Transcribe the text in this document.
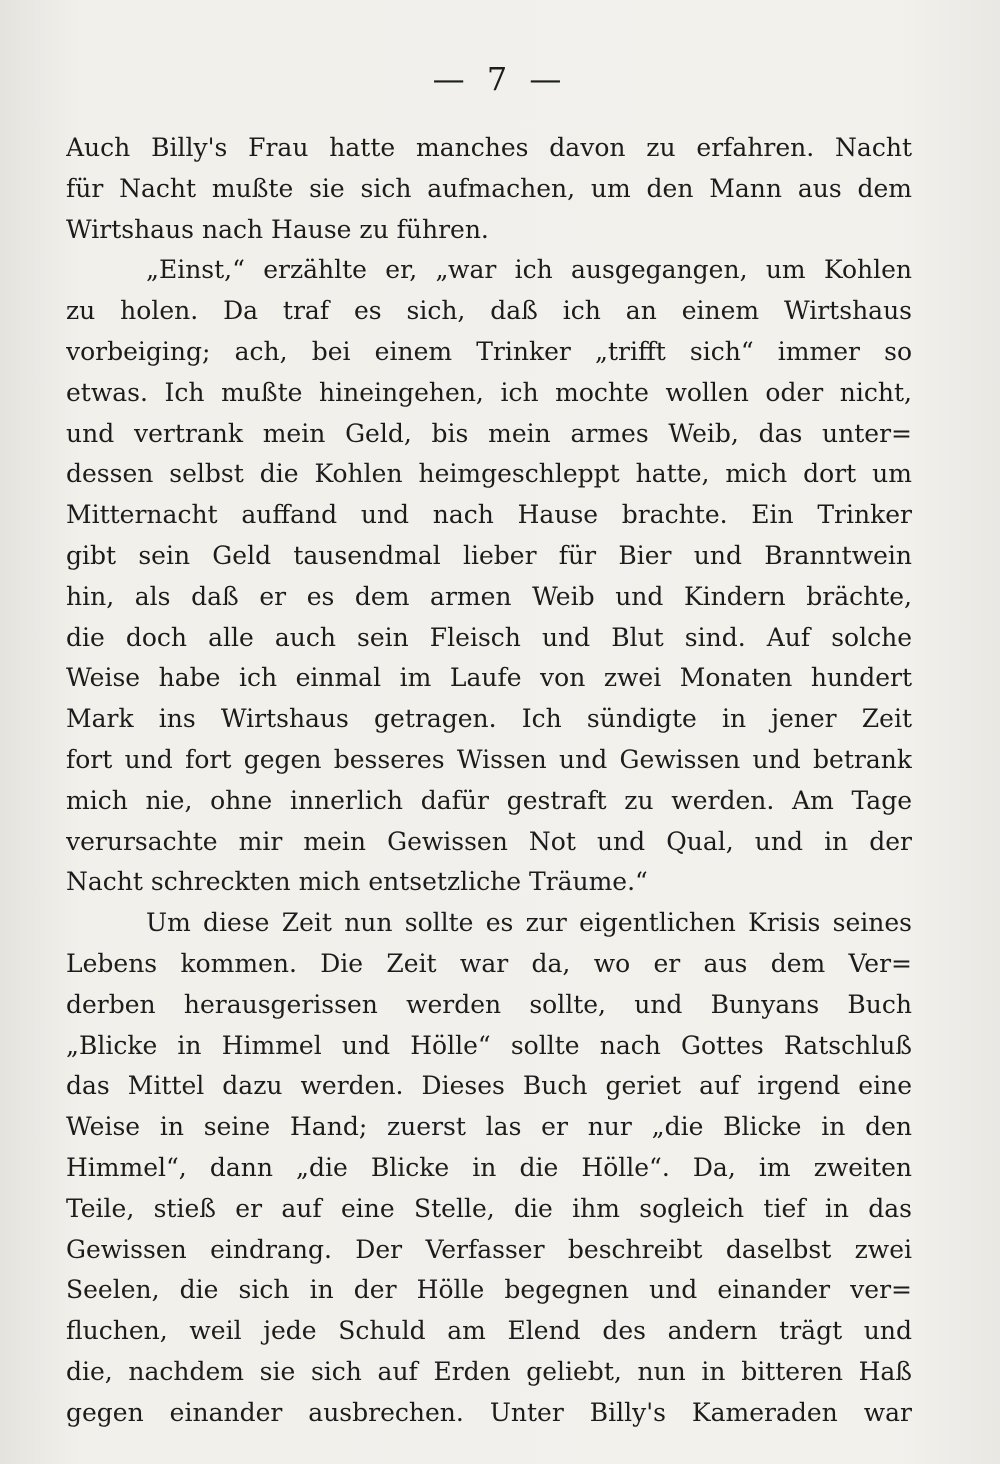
— 7 —
Auch Billy's Frau hatte manches davon zu erfahren. Nacht
für Nacht mußte sie sich aufmachen, um den Mann aus dem
Wirtshaus nach Hause zu führen.
„Einst,“ erzählte er, „war ich ausgegangen, um Kohlen
zu holen. Da traf es sich, daß ich an einem Wirtshaus
vorbeiging; ach, bei einem Trinker „trifft sich“ immer so
etwas. Ich mußte hineingehen, ich mochte wollen oder nicht,
und vertrank mein Geld, bis mein armes Weib, das unter=
dessen selbst die Kohlen heimgeschleppt hatte, mich dort um
Mitternacht auffand und nach Hause brachte. Ein Trinker
gibt sein Geld tausendmal lieber für Bier und Branntwein
hin, als daß er es dem armen Weib und Kindern brächte,
die doch alle auch sein Fleisch und Blut sind. Auf solche
Weise habe ich einmal im Laufe von zwei Monaten hundert
Mark ins Wirtshaus getragen. Ich sündigte in jener Zeit
fort und fort gegen besseres Wissen und Gewissen und betrank
mich nie, ohne innerlich dafür gestraft zu werden. Am Tage
verursachte mir mein Gewissen Not und Qual, und in der
Nacht schreckten mich entsetzliche Träume.“
Um diese Zeit nun sollte es zur eigentlichen Krisis seines
Lebens kommen. Die Zeit war da, wo er aus dem Ver=
derben herausgerissen werden sollte, und Bunyans Buch
„Blicke in Himmel und Hölle“ sollte nach Gottes Ratschluß
das Mittel dazu werden. Dieses Buch geriet auf irgend eine
Weise in seine Hand; zuerst las er nur „die Blicke in den
Himmel“, dann „die Blicke in die Hölle“. Da, im zweiten
Teile, stieß er auf eine Stelle, die ihm sogleich tief in das
Gewissen eindrang. Der Verfasser beschreibt daselbst zwei
Seelen, die sich in der Hölle begegnen und einander ver=
fluchen, weil jede Schuld am Elend des andern trägt und
die, nachdem sie sich auf Erden geliebt, nun in bitteren Haß
gegen einander ausbrechen. Unter Billy's Kameraden war
